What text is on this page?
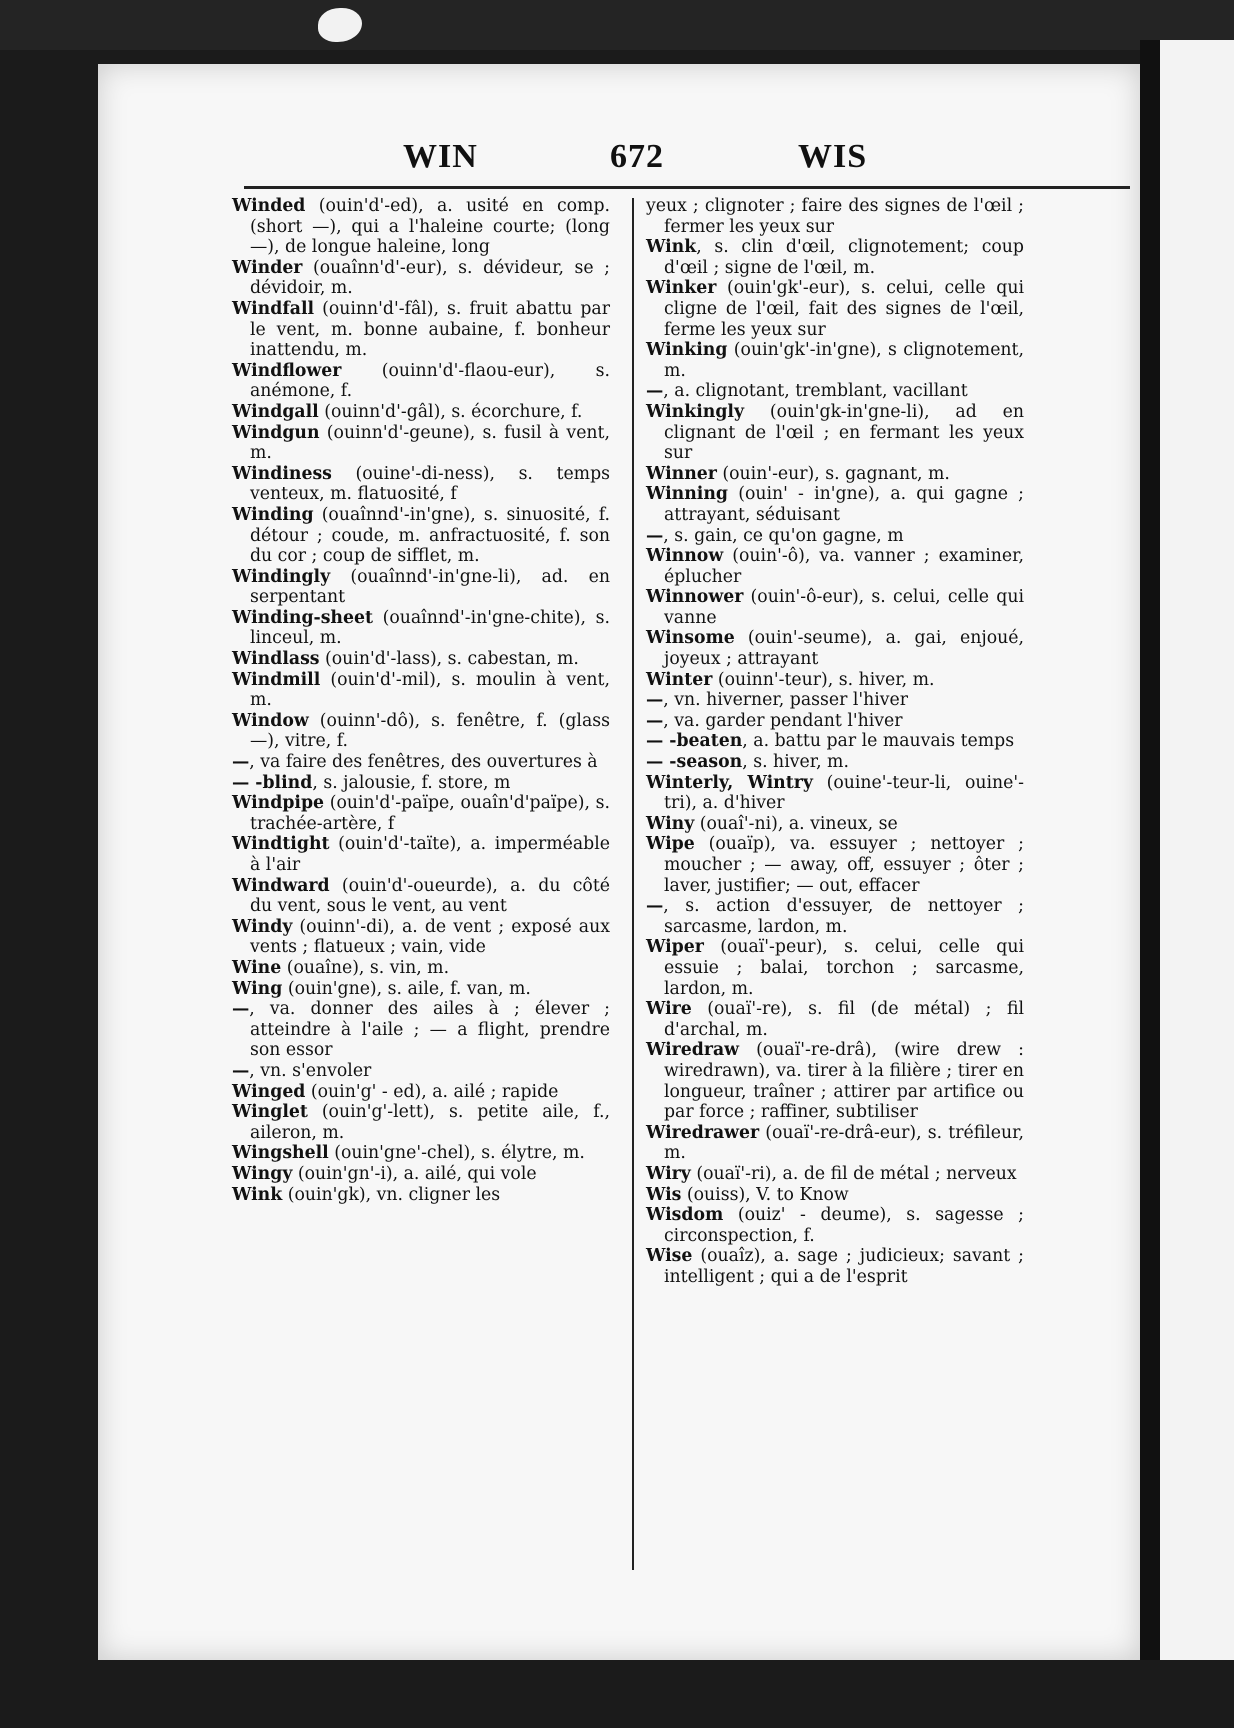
WIN	672	WIS

Winded (ouin'd'-ed), a. usité en comp. (short —), qui a l'haleine courte; (long —), de longue haleine, long

Winder (ouaînn'd'-eur), s. dévideur, se ; dévidoir, m.

Windfall (ouinn'd'-fâl), s. fruit abattu par le vent, m. bonne aubaine, f. bonheur inattendu, m.

Windflower (ouinn'd'-flaou-eur), s. anémone, f.

Windgall (ouinn'd'-gâl), s. écorchure, f.

Windgun (ouinn'd'-geune), s. fusil à vent, m.

Windiness (ouine'-di-ness), s. temps venteux, m. flatuosité, f

Winding (ouaînnd'-in'gne), s. sinuosité, f. détour ; coude, m. anfractuosité, f. son du cor ; coup de sifflet, m.

Windingly (ouaînnd'-in'gne-li), ad. en serpentant

Winding-sheet (ouaînnd'-in'gne-chite), s. linceul, m.

Windlass (ouin'd'-lass), s. cabestan, m.

Windmill (ouin'd'-mil), s. moulin à vent, m.

Window (ouinn'-dô), s. fenêtre, f. (glass —), vitre, f.

—, va faire des fenêtres, des ouvertures à

— -blind, s. jalousie, f. store, m

Windpipe (ouin'd'-païpe, ouaîn'd'païpe), s. trachée-artère, f

Windtight (ouin'd'-taïte), a. imperméable à l'air

Windward (ouin'd'-oueurde), a. du côté du vent, sous le vent, au vent

Windy (ouinn'-di), a. de vent ; exposé aux vents ; flatueux ; vain, vide

Wine (ouaîne), s. vin, m.

Wing (ouin'gne), s. aile, f. van, m.

—, va. donner des ailes à ; élever ; atteindre à l'aile ; — a flight, prendre son essor

—, vn. s'envoler

Winged (ouin'g' - ed), a. ailé ; rapide

Winglet (ouin'g'-lett), s. petite aile, f., aileron, m.

Wingshell (ouin'gne'-chel), s. élytre, m.

Wingy (ouin'gn'-i), a. ailé, qui vole

Wink (ouin'gk), vn. cligner les

yeux ; clignoter ; faire des signes de l'œil ; fermer les yeux sur

Wink, s. clin d'œil, clignotement; coup d'œil ; signe de l'œil, m.

Winker (ouin'gk'-eur), s. celui, celle qui cligne de l'œil, fait des signes de l'œil, ferme les yeux sur

Winking (ouin'gk'-in'gne), s clignotement, m.

—, a. clignotant, tremblant, vacillant

Winkingly (ouin'gk-in'gne-li), ad en clignant de l'œil ; en fermant les yeux sur

Winner (ouin'-eur), s. gagnant, m.

Winning (ouin' - in'gne), a. qui gagne ; attrayant, séduisant

—, s. gain, ce qu'on gagne, m

Winnow (ouin'-ô), va. vanner ; examiner, éplucher

Winnower (ouin'-ô-eur), s. celui, celle qui vanne

Winsome (ouin'-seume), a. gai, enjoué, joyeux ; attrayant

Winter (ouinn'-teur), s. hiver, m.

—, vn. hiverner, passer l'hiver

—, va. garder pendant l'hiver

— -beaten, a. battu par le mauvais temps

— -season, s. hiver, m.

Winterly, Wintry (ouine'-teur-li, ouine'-tri), a. d'hiver

Winy (ouaî'-ni), a. vineux, se

Wipe (ouaïp), va. essuyer ; nettoyer ; moucher ; — away, off, essuyer ; ôter ; laver, justifier; — out, effacer

—, s. action d'essuyer, de nettoyer ; sarcasme, lardon, m.

Wiper (ouaï'-peur), s. celui, celle qui essuie ; balai, torchon ; sarcasme, lardon, m.

Wire (ouaï'-re), s. fil (de métal) ; fil d'archal, m.

Wiredraw (ouaï'-re-drâ), (wire drew : wiredrawn), va. tirer à la filière ; tirer en longueur, traîner ; attirer par artifice ou par force ; raffiner, subtiliser

Wiredrawer (ouaï'-re-drâ-eur), s. tréfileur, m.

Wiry (ouaï'-ri), a. de fil de métal ; nerveux

Wis (ouiss), V. to Know

Wisdom (ouiz' - deume), s. sagesse ; circonspection, f.

Wise (ouaîz), a. sage ; judicieux; savant ; intelligent ; qui a de l'esprit
